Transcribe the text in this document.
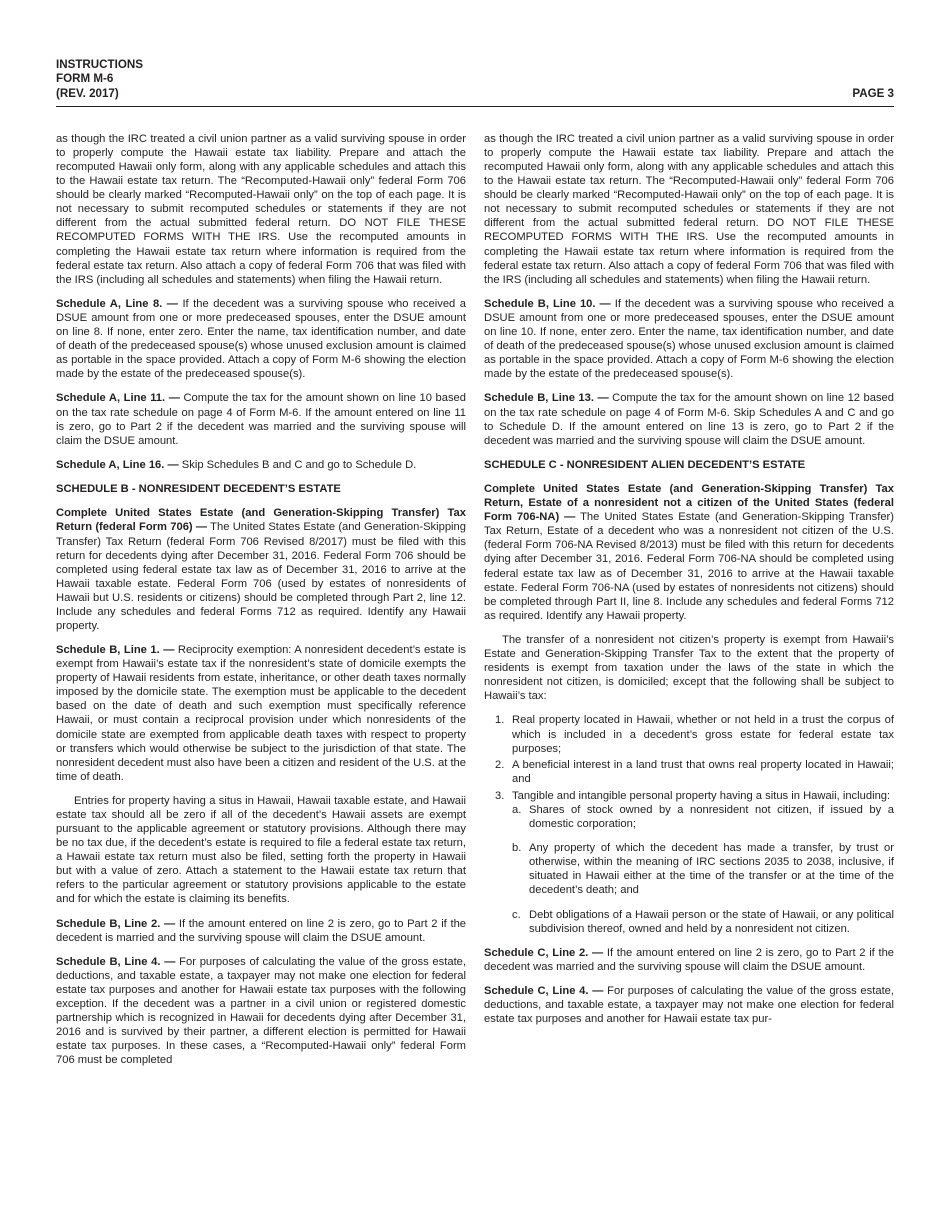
INSTRUCTIONS
FORM M-6
(REV. 2017)	PAGE 3

as though the IRC treated a civil union partner as a valid surviving spouse in order to properly compute the Hawaii estate tax liability. Prepare and attach the recomputed Hawaii only form, along with any applicable schedules and attach this to the Hawaii estate tax return. The “Recomputed-Hawaii only” federal Form 706 should be clearly marked “Recomputed-Hawaii only” on the top of each page. It is not necessary to submit recomputed schedules or statements if they are not different from the actual submitted federal return. DO NOT FILE THESE RECOMPUTED FORMS WITH THE IRS. Use the recomputed amounts in completing the Hawaii estate tax return where information is required from the federal estate tax return. Also attach a copy of federal Form 706 that was filed with the IRS (including all schedules and statements) when filing the Hawaii return.

Schedule A, Line 8. — If the decedent was a surviving spouse who received a DSUE amount from one or more predeceased spouses, enter the DSUE amount on line 8. If none, enter zero. Enter the name, tax identification number, and date of death of the predeceased spouse(s) whose unused exclusion amount is claimed as portable in the space provided. Attach a copy of Form M-6 showing the election made by the estate of the predeceased spouse(s).

Schedule A, Line 11. — Compute the tax for the amount shown on line 10 based on the tax rate schedule on page 4 of Form M-6. If the amount entered on line 11 is zero, go to Part 2 if the decedent was married and the surviving spouse will claim the DSUE amount.

Schedule A, Line 16. — Skip Schedules B and C and go to Schedule D.

SCHEDULE B - NONRESIDENT DECEDENT’S ESTATE

Complete United States Estate (and Generation-Skipping Transfer) Tax Return (federal Form 706) — The United States Estate (and Generation-Skipping Transfer) Tax Return (federal Form 706 Revised 8/2017) must be filed with this return for decedents dying after December 31, 2016. Federal Form 706 should be completed using federal estate tax law as of December 31, 2016 to arrive at the Hawaii taxable estate. Federal Form 706 (used by estates of nonresidents of Hawaii but U.S. residents or citizens) should be completed through Part 2, line 12. Include any schedules and federal Forms 712 as required. Identify any Hawaii property.

Schedule B, Line 1. — Reciprocity exemption: A nonresident decedent’s estate is exempt from Hawaii’s estate tax if the nonresident’s state of domicile exempts the property of Hawaii residents from estate, inheritance, or other death taxes normally imposed by the domicile state. The exemption must be applicable to the decedent based on the date of death and such exemption must specifically reference Hawaii, or must contain a reciprocal provision under which nonresidents of the domicile state are exempted from applicable death taxes with respect to property or transfers which would otherwise be subject to the jurisdiction of that state. The nonresident decedent must also have been a citizen and resident of the U.S. at the time of death.

Entries for property having a situs in Hawaii, Hawaii taxable estate, and Hawaii estate tax should all be zero if all of the decedent’s Hawaii assets are exempt pursuant to the applicable agreement or statutory provisions. Although there may be no tax due, if the decedent’s estate is required to file a federal estate tax return, a Hawaii estate tax return must also be filed, setting forth the property in Hawaii but with a value of zero. Attach a statement to the Hawaii estate tax return that refers to the particular agreement or statutory provisions applicable to the estate and for which the estate is claiming its benefits.

Schedule B, Line 2. — If the amount entered on line 2 is zero, go to Part 2 if the decedent is married and the surviving spouse will claim the DSUE amount.

Schedule B, Line 4. — For purposes of calculating the value of the gross estate, deductions, and taxable estate, a taxpayer may not make one election for federal estate tax purposes and another for Hawaii estate tax purposes with the following exception. If the decedent was a partner in a civil union or registered domestic partnership which is recognized in Hawaii for decedents dying after December 31, 2016 and is survived by their partner, a different election is permitted for Hawaii estate tax purposes. In these cases, a “Recomputed-Hawaii only” federal Form 706 must be completed

as though the IRC treated a civil union partner as a valid surviving spouse in order to properly compute the Hawaii estate tax liability. Prepare and attach the recomputed Hawaii only form, along with any applicable schedules and attach this to the Hawaii estate tax return. The “Recomputed-Hawaii only” federal Form 706 should be clearly marked “Recomputed-Hawaii only” on the top of each page. It is not necessary to submit recomputed schedules or statements if they are not different from the actual submitted federal return. DO NOT FILE THESE RECOMPUTED FORMS WITH THE IRS. Use the recomputed amounts in completing the Hawaii estate tax return where information is required from the federal estate tax return. Also attach a copy of federal Form 706 that was filed with the IRS (including all schedules and statements) when filing the Hawaii return.

Schedule B, Line 10. — If the decedent was a surviving spouse who received a DSUE amount from one or more predeceased spouses, enter the DSUE amount on line 10. If none, enter zero. Enter the name, tax identification number, and date of death of the predeceased spouse(s) whose unused exclusion amount is claimed as portable in the space provided. Attach a copy of Form M-6 showing the election made by the estate of the predeceased spouse(s).

Schedule B, Line 13. — Compute the tax for the amount shown on line 12 based on the tax rate schedule on page 4 of Form M-6. Skip Schedules A and C and go to Schedule D. If the amount entered on line 13 is zero, go to Part 2 if the decedent was married and the surviving spouse will claim the DSUE amount.

SCHEDULE C - NONRESIDENT ALIEN DECEDENT’S ESTATE

Complete United States Estate (and Generation-Skipping Transfer) Tax Return, Estate of a nonresident not a citizen of the United States (federal Form 706-NA) — The United States Estate (and Generation-Skipping Transfer) Tax Return, Estate of a decedent who was a nonresident not citizen of the U.S. (federal Form 706-NA Revised 8/2013) must be filed with this return for decedents dying after December 31, 2016. Federal Form 706-NA should be completed using federal estate tax law as of December 31, 2016 to arrive at the Hawaii taxable estate. Federal Form 706-NA (used by estates of nonresidents not citizens) should be completed through Part II, line 8. Include any schedules and federal Forms 712 as required. Identify any Hawaii property.

The transfer of a nonresident not citizen’s property is exempt from Hawaii’s Estate and Generation-Skipping Transfer Tax to the extent that the property of residents is exempt from taxation under the laws of the state in which the nonresident not citizen, is domiciled; except that the following shall be subject to Hawaii’s tax:

1. Real property located in Hawaii, whether or not held in a trust the corpus of which is included in a decedent’s gross estate for federal estate tax purposes;
2. A beneficial interest in a land trust that owns real property located in Hawaii; and
3. Tangible and intangible personal property having a situs in Hawaii, including:
a. Shares of stock owned by a nonresident not citizen, if issued by a domestic corporation;
b. Any property of which the decedent has made a transfer, by trust or otherwise, within the meaning of IRC sections 2035 to 2038, inclusive, if situated in Hawaii either at the time of the transfer or at the time of the decedent’s death; and
c. Debt obligations of a Hawaii person or the state of Hawaii, or any political subdivision thereof, owned and held by a nonresident not citizen.

Schedule C, Line 2. — If the amount entered on line 2 is zero, go to Part 2 if the decedent was married and the surviving spouse will claim the DSUE amount.

Schedule C, Line 4. — For purposes of calculating the value of the gross estate, deductions, and taxable estate, a taxpayer may not make one election for federal estate tax purposes and another for Hawaii estate tax pur-
